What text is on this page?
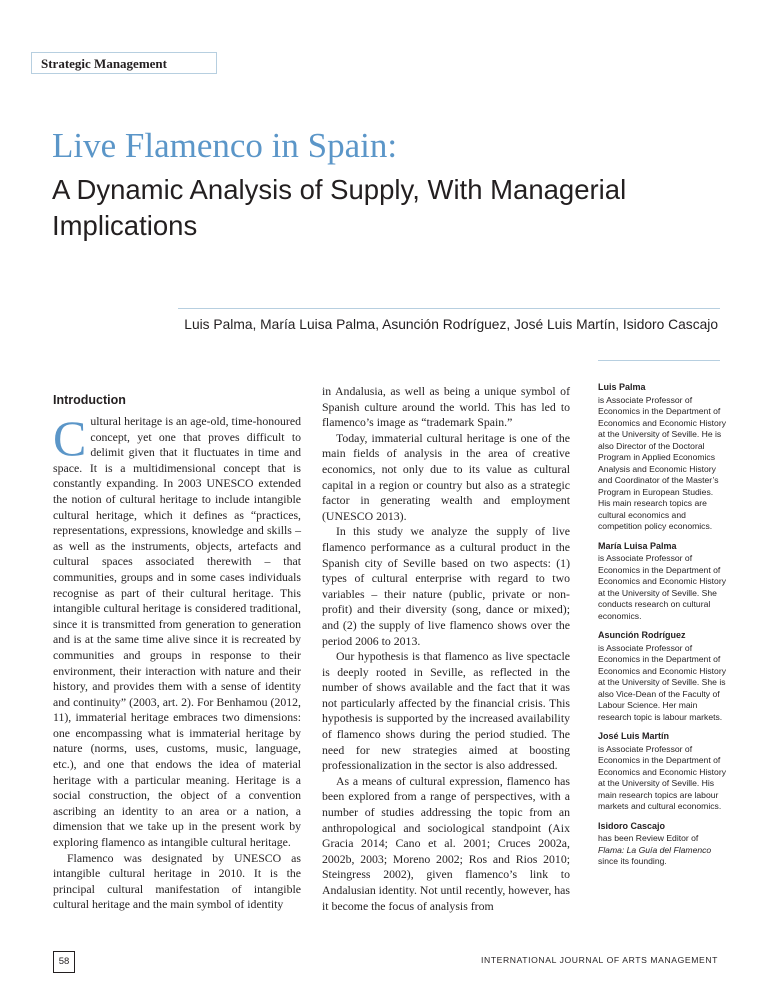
Strategic Management
Live Flamenco in Spain:
A Dynamic Analysis of Supply, With Managerial Implications
Luis Palma, María Luisa Palma, Asunción Rodríguez, José Luis Martín, Isidoro Cascajo
Introduction

Cultural heritage is an age-old, time-honoured concept, yet one that proves difficult to delimit given that it fluctuates in time and space. It is a multidimensional concept that is constantly expanding. In 2003 UNESCO extended the notion of cultural heritage to include intangible cultural heritage, which it defines as “practices, representations, expressions, knowledge and skills – as well as the instruments, objects, artefacts and cultural spaces associated therewith – that communities, groups and in some cases individuals recognise as part of their cultural heritage. This intangible cultural heritage is considered traditional, since it is transmitted from generation to generation and is at the same time alive since it is recreated by communities and groups in response to their environment, their interaction with nature and their history, and provides them with a sense of identity and continuity” (2003, art. 2). For Benhamou (2012, 11), immaterial heritage embraces two dimensions: one encompassing what is immaterial heritage by nature (norms, uses, customs, music, language, etc.), and one that endows the idea of material heritage with a particular meaning. Heritage is a social construction, the object of a convention ascribing an identity to an area or a nation, a dimension that we take up in the present work by exploring flamenco as intangible cultural heritage.

Flamenco was designated by UNESCO as intangible cultural heritage in 2010. It is the principal cultural manifestation of intangible cultural heritage and the main symbol of identity

in Andalusia, as well as being a unique symbol of Spanish culture around the world. This has led to flamenco’s image as “trademark Spain.”

Today, immaterial cultural heritage is one of the main fields of analysis in the area of creative economics, not only due to its value as cultural capital in a region or country but also as a strategic factor in generating wealth and employment (UNESCO 2013).

In this study we analyze the supply of live flamenco performance as a cultural product in the Spanish city of Seville based on two aspects: (1) types of cultural enterprise with regard to two variables – their nature (public, private or non-profit) and their diversity (song, dance or mixed); and (2) the supply of live flamenco shows over the period 2006 to 2013.

Our hypothesis is that flamenco as live spectacle is deeply rooted in Seville, as reflected in the number of shows available and the fact that it was not particularly affected by the financial crisis. This hypothesis is supported by the increased availability of flamenco shows during the period studied. The need for new strategies aimed at boosting professionalization in the sector is also addressed.

As a means of cultural expression, flamenco has been explored from a range of perspectives, with a number of studies addressing the topic from an anthropological and sociological standpoint (Aix Gracia 2014; Cano et al. 2001; Cruces 2002a, 2002b, 2003; Moreno 2002; Ros and Rios 2010; Steingress 2002), given flamenco’s link to Andalusian identity. Not until recently, however, has it become the focus of analysis from

Luis Palma
is Associate Professor of Economics in the Department of Economics and Economic History at the University of Seville. He is also Director of the Doctoral Program in Applied Economics Analysis and Economic History and Coordinator of the Master’s Program in European Studies. His main research topics are cultural economics and competition policy economics.
María Luisa Palma
is Associate Professor of Economics in the Department of Economics and Economic History at the University of Seville. She conducts research on cultural economics.
Asunción Rodríguez
is Associate Professor of Economics in the Department of Economics and Economic History at the University of Seville. She is also Vice-Dean of the Faculty of Labour Science. Her main research topic is labour markets.
José Luis Martín
is Associate Professor of Economics in the Department of Economics and Economic History at the University of Seville. His main research topics are labour markets and cultural economics.
Isidoro Cascajo
has been Review Editor of Flama: La Guía del Flamenco since its founding.
58	INTERNATIONAL JOURNAL OF ARTS MANAGEMENT
